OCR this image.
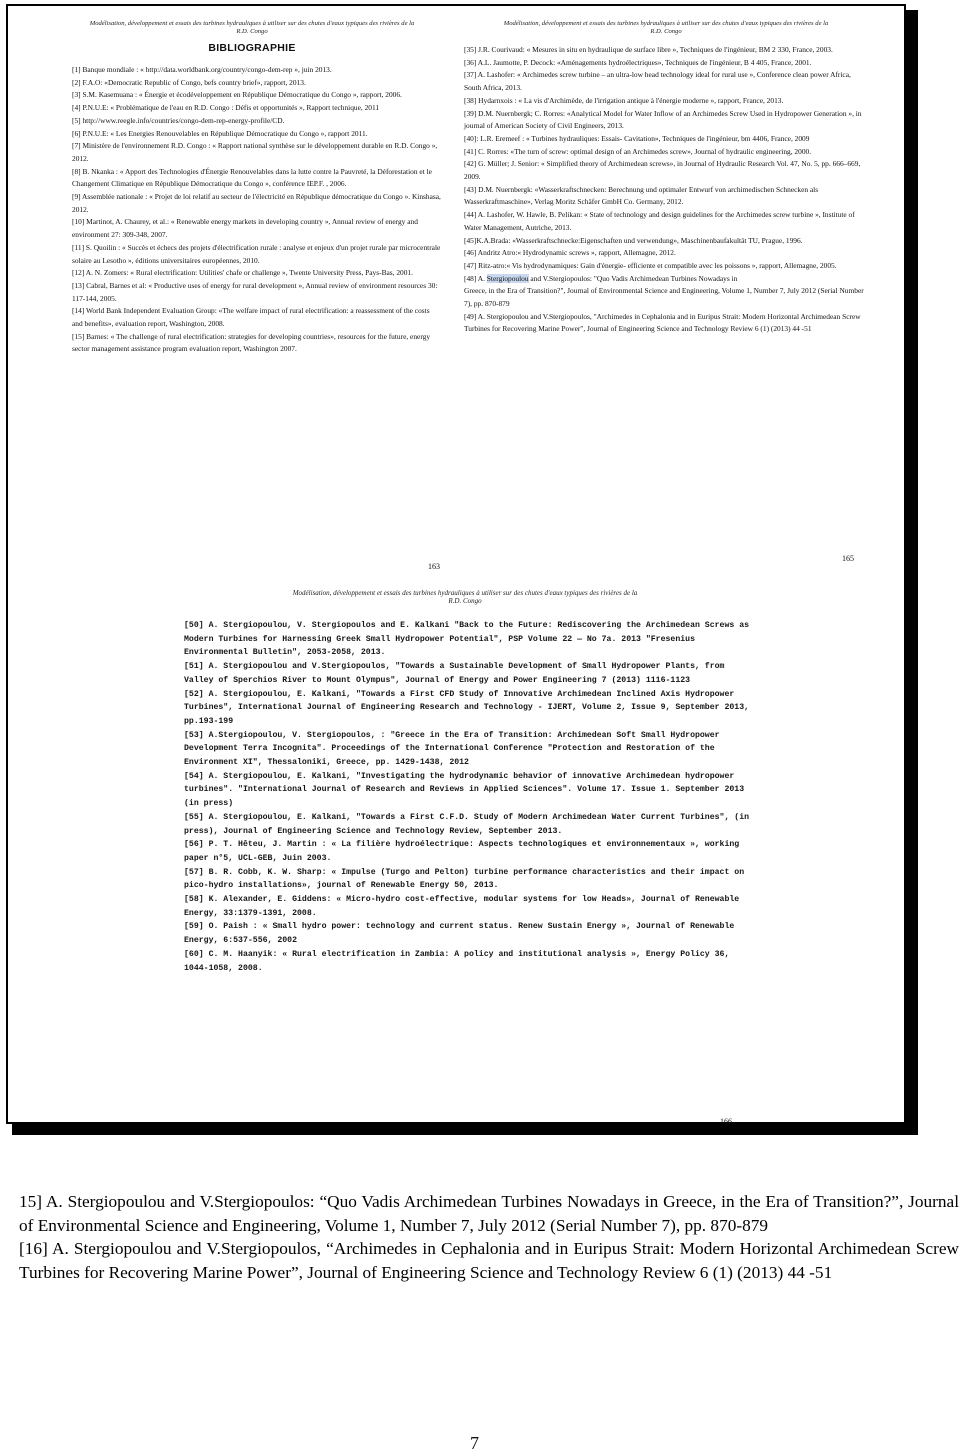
Modélisation, développement et essais des turbines hydrauliques à utiliser sur des chutes d'eaux typiques des rivières de la
R.D. Congo
BIBLIOGRAPHIE

[1] Banque mondiale : « http://data.worldbank.org/country/congo-dem-rep », juin 2013.

[2] F.A.O: «Democratic Republic of Congo, befs country brief», rapport, 2013.

[3] S.M. Kasemuana : « Énergie et écodéveloppement en République Démocratique du Congo », rapport, 2006.

[4] P.N.U.E: « Problématique de l'eau en R.D. Congo : Défis et opportunités », Rapport technique, 2011

[5] http://www.reegle.info/countries/congo-dem-rep-energy-profile/CD.

[6] P.N.U.E: « Les Energies Renouvelables en République Démocratique du Congo », rapport 2011.

[7] Ministère de l'environnement R.D. Congo : « Rapport national synthèse sur le développement durable en R.D. Congo », 2012.

[8] B. Nkanka : « Apport des Technologies d'Énergie Renouvelables dans la lutte contre la Pauvreté, la Déforestation et le Changement Climatique en République Démocratique du Congo », conférence IEP.F. , 2006.

[9] Assemblée nationale : « Projet de loi relatif au secteur de l'électricité en République démocratique du Congo ». Kinshasa, 2012.

[10] Martinot, A. Chaurey, et al.: « Renewable energy markets in developing country », Annual review of energy and environment 27: 309-348, 2007.

[11] S. Quoilin : « Succès et échecs des projets d'électrification rurale : analyse et enjeux d'un projet rurale par microcentrale solaire au Lesotho », éditions universitaires européennes, 2010.

[12] A. N. Zomers: « Rural electrification: Utilities' chafe or challenge », Twente University Press, Pays-Bas, 2001.

[13] Cabral, Barnes et al: « Productive uses of energy for rural development », Annual review of environment resources 30: 117-144, 2005.

[14] World Bank Independent Evaluation Group: «The welfare impact of rural electrification: a reassessment of the costs and benefits», evaluation report, Washington, 2008.

[15] Barnes: « The challenge of rural electrification: strategies for developing countries», resources for the future, energy sector management assistance program evaluation report, Washington 2007.

163
Modélisation, développement et essais des turbines hydrauliques à utiliser sur des chutes d'eaux typiques des rivières de la
R.D. Congo

[35] J.R. Courivaud: « Mesures in situ en hydraulique de surface libre », Techniques de l'ingénieur, BM 2 330, France, 2003.

[36] A.L. Jaumotte, P. Decock: «Aménagements hydroélectriques», Techniques de l'ingénieur, B 4 405, France, 2001.

[37] A. Lashofer: « Archimedes screw turbine – an ultra-low head technology ideal for rural use », Conference clean power Africa, South Africa, 2013.

[38] Hydarnxois : « La vis d'Archimède, de l'irrigation antique à l'énergie moderne », rapport, France, 2013.

[39] D.M. Nuernbergk; C. Rorres: «Analytical Model for Water Inflow of an Archimedes Screw Used in Hydropower Generation », in journal of American Society of Civil Engineers, 2013.

[40]: L.R. Eremeef : « Turbines hydrauliques: Essais- Cavitation», Techniques de l'ingénieur, bm 4406, France, 2009

[41] C. Rorres: «The turn of screw: optimal design of an Archimedes screw», Journal of hydraulic engineering, 2000.

[42] G. Müller; J. Senior: « Simplified theory of Archimedean screws», in Journal of Hydraulic Research Vol. 47, No. 5, pp. 666–669, 2009.

[43] D.M. Nuernbergk: «Wasserkraftschnecken: Berechnung und optimaler Entwurf von archimedischen Schnecken als Wasserkraftmaschine», Verlag Moritz Schäfer GmbH Co. Germany, 2012.

[44] A. Lashofer, W. Hawle, B. Pelikan: « State of technology and design guidelines for the Archimedes screw turbine », Institute of Water Management, Autriche, 2013.

[45]K.A.Brada: «Wasserkraftschnecke:Eigenschaften und verwendung», Maschinenbaufakultät TU, Prague, 1996.

[46] Andritz Atro:« Hydrodynamic screws », rapport, Allemagne, 2012.

[47] Ritz-atro:« Vis hydrodynamiques: Gain d'énergie- efficiente et compatible avec les poissons », rapport, Allemagne, 2005.

[48] A. Stergiopoulou and V.Stergiopoulos: "Quo Vadis Archimedean Turbines Nowadays in

Greece, in the Era of Transition?", Journal of Environmental Science and Engineering, Volume 1, Number 7, July 2012 (Serial Number 7), pp. 870-879

[49] A. Stergiopoulou and V.Stergiopoulos, "Archimedes in Cephalonia and in Euripus Strait: Modern Horizontal Archimedean Screw Turbines for Recovering Marine Power", Journal of Engineering Science and Technology Review 6 (1) (2013) 44 -51

165
Modélisation, développement et essais des turbines hydrauliques à utiliser sur des chutes d'eaux typiques des rivières de la
R.D. Congo

[50] A. Stergiopoulou, V. Stergiopoulos and E. Kalkani "Back to the Future: Rediscovering the Archimedean Screws as Modern Turbines for Harnessing Greek Small Hydropower Potential", PSP Volume 22 — No 7a. 2013 "Fresenius Environmental Bulletin", 2053-2058, 2013.

[51] A. Stergiopoulou and V.Stergiopoulos, "Towards a Sustainable Development of Small Hydropower Plants, from Valley of Sperchios River to Mount Olympus", Journal of Energy and Power Engineering 7 (2013) 1116-1123

[52] A. Stergiopoulou, E. Kalkani, "Towards a First CFD Study of Innovative Archimedean Inclined Axis Hydropower Turbines", International Journal of Engineering Research and Technology - IJERT, Volume 2, Issue 9, September 2013, pp.193-199

[53] A.Stergiopoulou, V. Stergiopoulos, : "Greece in the Era of Transition: Archimedean Soft Small Hydropower Development Terra Incognita". Proceedings of the International Conference "Protection and Restoration of the Environment XI", Thessaloniki, Greece, pp. 1429-1438, 2012

[54] A. Stergiopoulou, E. Kalkani, "Investigating the hydrodynamic behavior of innovative Archimedean hydropower turbines". "International Journal of Research and Reviews in Applied Sciences". Volume 17. Issue 1. September 2013 (in press)

[55] A. Stergiopoulou, E. Kalkani, "Towards a First C.F.D. Study of Modern Archimedean Water Current Turbines", (in press), Journal of Engineering Science and Technology Review, September 2013.

[56] P. T. Hêteu, J. Martin : « La filière hydroélectrique: Aspects technologiques et environnementaux », working paper n°5, UCL-GEB, Juin 2003.

[57] B. R. Cobb, K. W. Sharp: « Impulse (Turgo and Pelton) turbine performance characteristics and their impact on pico-hydro installations», journal of Renewable Energy 50, 2013.

[58] K. Alexander, E. Giddens: « Micro-hydro cost-effective, modular systems for low Heads», Journal of Renewable Energy, 33:1379-1391, 2008.

[59] O. Paish : « Small hydro power: technology and current status. Renew Sustain Energy », Journal of Renewable Energy, 6:537-556, 2002

[60] C. M. Haanyik: « Rural electrification in Zambia: A policy and institutional analysis », Energy Policy 36, 1044-1058, 2008.

166

15] A. Stergiopoulou and V.Stergiopoulos: “Quo Vadis Archimedean Turbines Nowadays in Greece, in the Era of Transition?”, Journal of Environmental Science and Engineering, Volume 1, Number 7, July 2012 (Serial Number 7), pp. 870-879

[16] A. Stergiopoulou and V.Stergiopoulos, “Archimedes in Cephalonia and in Euripus Strait: Modern Horizontal Archimedean Screw Turbines for Recovering Marine Power”, Journal of Engineering Science and Technology Review 6 (1) (2013) 44 -51

7
